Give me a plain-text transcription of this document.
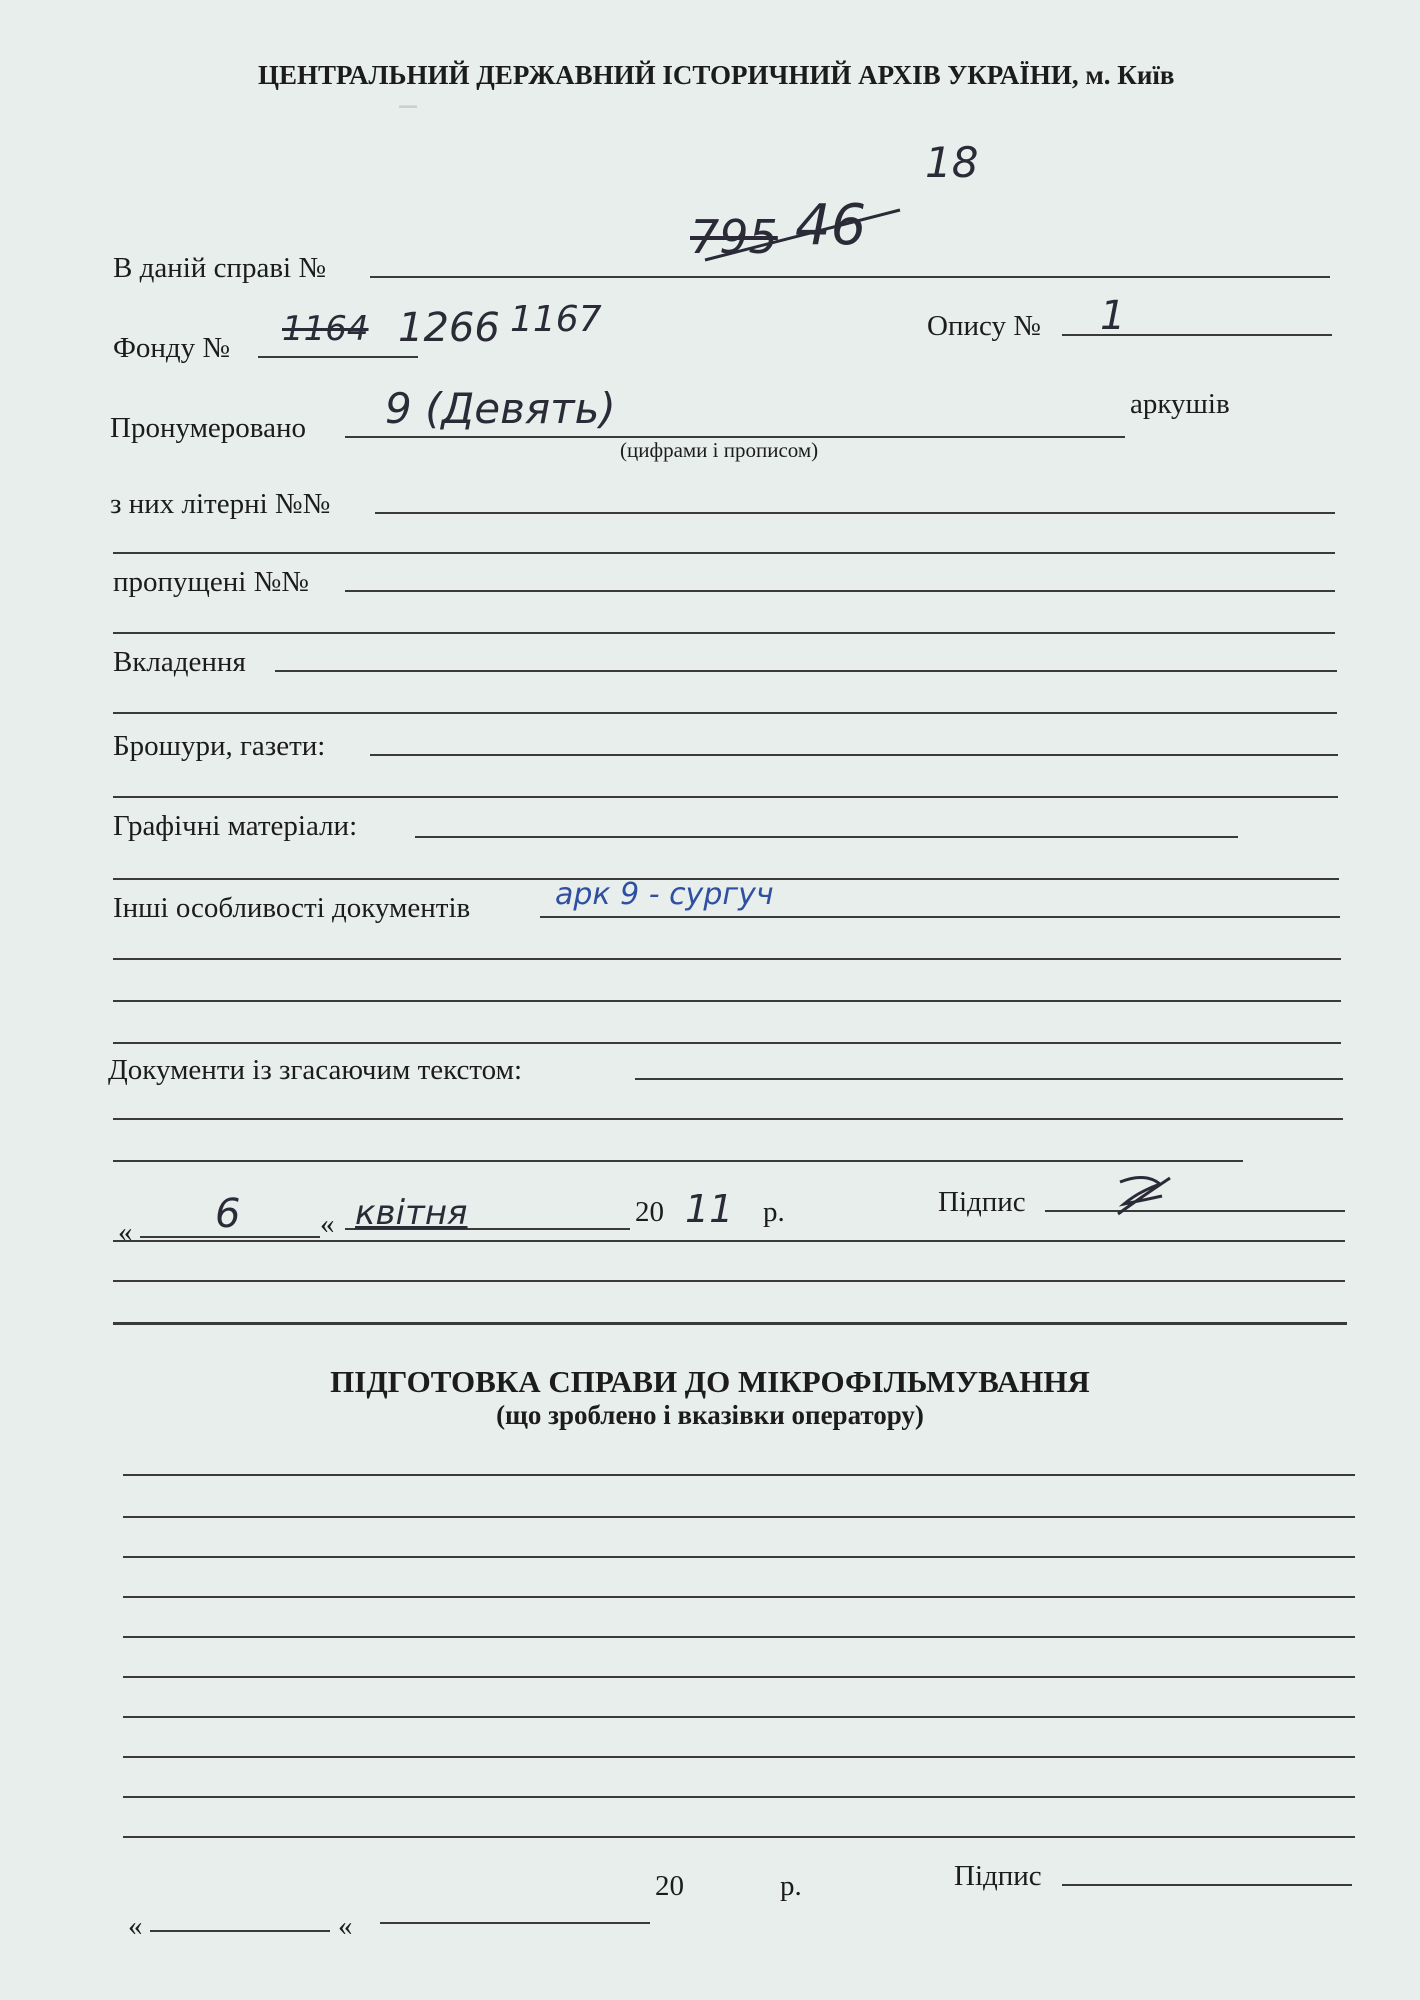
╶╴
ЦЕНТРАЛЬНИЙ ДЕРЖАВНИЙ ІСТОРИЧНИЙ АРХІВ УКРАЇНИ, м. Київ
В даній справі №
795 46
18
Фонду № 1164 1266 1167	Опису № 1
Пронумеровано 9 (Девять)	аркушів
(цифрами і прописом)
з них літерні №№
пропущені №№
Вкладення
Брошури, газети:
Графічні матеріали:
Інші особливості документів	арк 9 - сургуч
Документи із згасаючим текстом:
« 6	« квітня	20 11 р.	Підпис
ПІДГОТОВКА СПРАВИ ДО МІКРОФІЛЬМУВАННЯ
(що зроблено і вказівки оператору)
«	«
20	р.	Підпис
